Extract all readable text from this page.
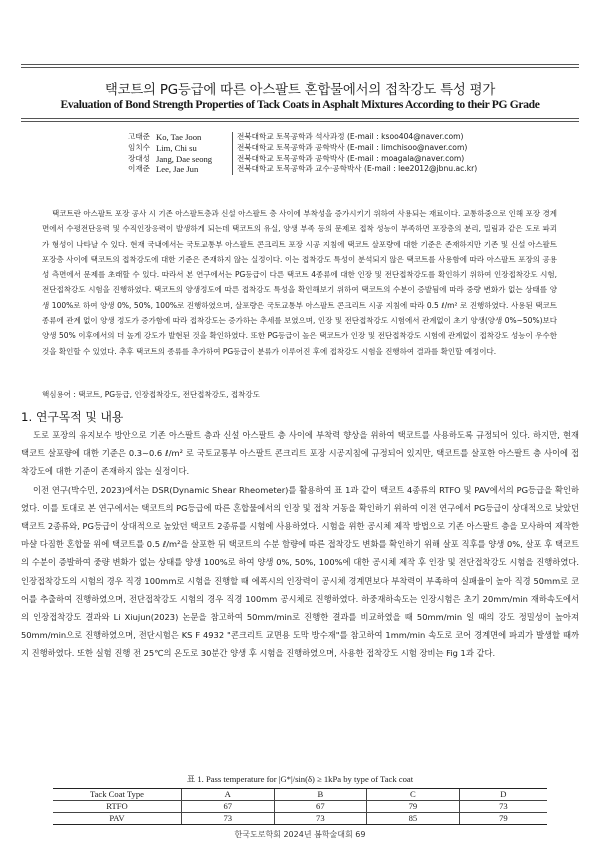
택코트의 PG등급에 따른 아스팔트 혼합물에서의 접착강도 특성 평가
Evaluation of Bond Strength Properties of Tack Coats in Asphalt Mixtures According to their PG Grade
고태준 Ko, Tae Joon	전북대학교 토목공학과 석사과정 (E-mail : ksoo404@naver.com)
임치수 Lim, Chi su	전북대학교 토목공학과 공학박사 (E-mail : limchisoo@naver.com)
장대성 Jang, Dae seong	전북대학교 토목공학과 공학박사 (E-mail : moagala@naver.com)
이재준 Lee, Jae Jun	전북대학교 토목공학과 교수·공학박사 (E-mail : lee2012@jbnu.ac.kr)

택코트란 아스팔트 포장 공사 시 기존 아스팔트층과 신설 아스팔트 층 사이에 부착성을 증가시키기 위하여 사용되는 재료이다. 교통하중으로 인해 포장 경계면에서 수평전단응력 및 수직인장응력이 발생하게 되는데 택코트의 유실, 양생 부족 등의 문제로 접착 성능이 부족하면 포장층의 분리, 밀림과 같은 도로 파괴가 형성이 나타날 수 있다. 현재 국내에서는 국토교통부 아스팔트 콘크리트 포장 시공 지침에 택코트 살포량에 대한 기준은 존재하지만 기존 및 신설 아스팔트 포장층 사이에 택코트의 접착강도에 대한 기준은 존재하지 않는 실정이다. 이는 접착강도 특성이 분석되지 않은 택코트를 사용함에 따라 아스팔트 포장의 공용성 측면에서 문제를 초래할 수 있다. 따라서 본 연구에서는 PG등급이 다른 택코트 4종류에 대한 인장 및 전단접착강도를 확인하기 위하여 인장접착강도 시험, 전단접착강도 시험을 진행하였다. 택코트의 양생정도에 따른 접착강도 특성을 확인해보기 위하여 택코트의 수분이 증발됨에 따라 중량 변화가 없는 상태를 양생 100%로 하여 양생 0%, 50%, 100%로 진행하였으며, 살포량은 국토교통부 아스팔트 콘크리트 시공 지침에 따라 0.5 ℓ/m² 로 진행하였다. 사용된 택코트 종류에 관계 없이 양생 정도가 증가함에 따라 접착강도는 증가하는 추세를 보였으며, 인장 및 전단접착강도 시험에서 관계없이 초기 양생(양생 0%~50%)보다 양생 50% 이후에서의 더 높게 강도가 발현된 것을 확인하였다. 또한 PG등급이 높은 택코트가 인장 및 전단접착강도 시험에 관계없이 접착강도 성능이 우수한 것을 확인할 수 있었다. 추후 택코트의 종류를 추가하여 PG등급이 분류가 이루어진 후에 접착강도 시험을 진행하여 결과를 확인할 예정이다.

핵심용어 : 택코트, PG등급, 인장접착강도, 전단접착강도, 접착강도
1. 연구목적 및 내용

도로 포장의 유지보수 방안으로 기존 아스팔트 층과 신설 아스팔트 층 사이에 부착력 향상을 위하여 택코트를 사용하도록 규정되어 있다. 하지만, 현재 택코트 살포량에 대한 기준은 0.3~0.6 ℓ/m² 로 국토교통부 아스팔트 콘크리트 포장 시공지침에 규정되어 있지만, 택코트를 살포한 아스팔트 층 사이에 접착강도에 대한 기준이 존재하지 않는 실정이다.

이전 연구(박수민, 2023)에서는 DSR(Dynamic Shear Rheometer)를 활용하여 표 1과 같이 택코트 4종류의 RTFO 및 PAV에서의 PG등급을 확인하였다. 이를 토대로 본 연구에서는 택코트의 PG등급에 따른 혼합물에서의 인장 및 접착 거동을 확인하기 위하여 이전 연구에서 PG등급이 상대적으로 낮았던 택코트 2종류와, PG등급이 상대적으로 높았던 택코트 2종류를 시험에 사용하였다. 시험을 위한 공시체 제작 방법으로 기존 아스팔트 층을 모사하여 제작한 마샬 다짐한 혼합물 위에 택코트를 0.5 ℓ/m²을 살포한 뒤 택코트의 수분 함량에 따른 접착강도 변화를 확인하기 위해 살포 직후를 양생 0%, 살포 후 택코트의 수분이 증발하여 중량 변화가 없는 상태를 양생 100%로 하여 양생 0%, 50%, 100%에 대한 공시체 제작 후 인장 및 전단접착강도 시험을 진행하였다. 인장접착강도의 시험의 경우 직경 100mm로 시험을 진행할 때 에폭시의 인장력이 공시체 경계면보다 부착력이 부족하여 실패율이 높아 직경 50mm로 코어를 추출하여 진행하였으며, 전단접착강도 시험의 경우 직경 100mm 공시체로 진행하였다. 하중재하속도는 인장시험은 초기 20mm/min 재하속도에서의 인장접착강도 결과와 Li Xiujun(2023) 논문을 참고하여 50mm/min로 진행한 결과를 비교하였을 때 50mm/min 일 때의 강도 정밀성이 높아져 50mm/min으로 진행하였으며, 전단시험은 KS F 4932 "콘크리트 교면용 도막 방수재"를 참고하여 1mm/min 속도로 코어 경계면에 파괴가 발생할 때까지 진행하였다. 또한 실험 진행 전 25℃의 온도로 30분간 양생 후 시험을 진행하였으며, 사용한 접착강도 시험 장비는 Fig 1과 같다.

표 1. Pass temperature for |G*|/sin(δ) ≥ 1kPa by type of Tack coat
Tack Coat Type	A	B	C	D
RTFO	67	67	79	73
PAV	73	73	85	79
한국도로학회 2024년 봄학술대회 69
